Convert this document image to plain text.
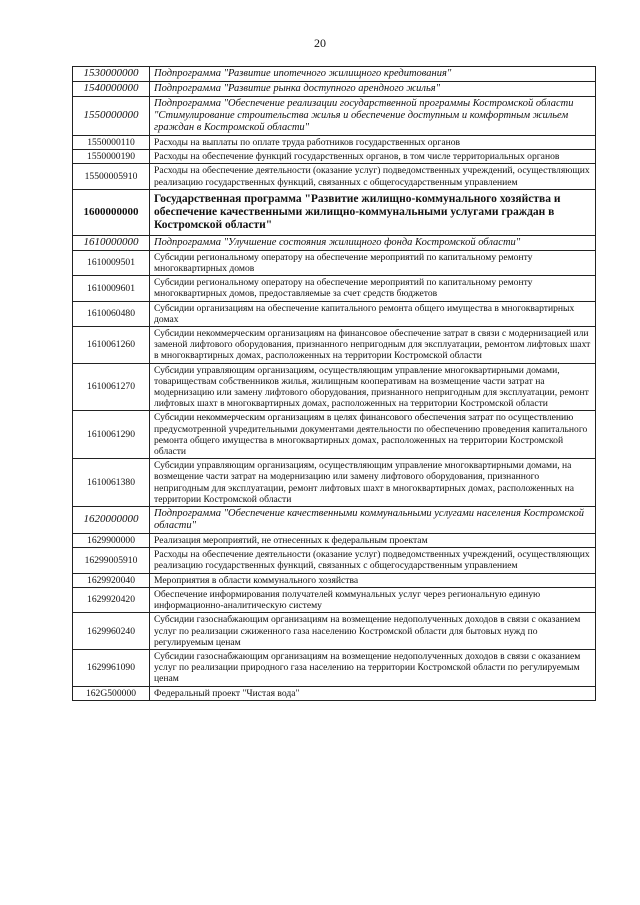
20
1530000000	Подпрограмма "Развитие ипотечного жилищного кредитования"
1540000000	Подпрограмма "Развитие рынка доступного арендного жилья"
1550000000	Подпрограмма "Обеспечение реализации государственной программы Костромской области "Стимулирование строительства жилья и обеспечение доступным и комфортным жильем граждан в Костромской области"
1550000110	Расходы на выплаты по оплате труда работников государственных органов
1550000190	Расходы на обеспечение функций государственных органов, в том числе территориальных органов
15500005910	Расходы на обеспечение деятельности (оказание услуг) подведомственных учреждений, осуществляющих реализацию государственных функций, связанных с общегосударственным управлением
1600000000	Государственная программа "Развитие жилищно-коммунального хозяйства и обеспечение качественными жилищно-коммунальными услугами граждан в Костромской области"
1610000000	Подпрограмма "Улучшение состояния жилищного фонда Костромской области"
1610009501	Субсидии региональному оператору на обеспечение мероприятий по капитальному ремонту многоквартирных домов
1610009601	Субсидии региональному оператору на обеспечение мероприятий по капитальному ремонту многоквартирных домов, предоставляемые за счет средств бюджетов
1610060480	Субсидии организациям на обеспечение капитального ремонта общего имущества в многоквартирных домах
1610061260	Субсидии некоммерческим организациям на финансовое обеспечение затрат в связи с модернизацией или заменой лифтового оборудования, признанного непригодным для эксплуатации, ремонтом лифтовых шахт в многоквартирных домах, расположенных на территории Костромской области
1610061270	Субсидии управляющим организациям, осуществляющим управление многоквартирными домами, товариществам собственников жилья, жилищным кооперативам на возмещение части затрат на модернизацию или замену лифтового оборудования, признанного непригодным для эксплуатации, ремонт лифтовых шахт в многоквартирных домах, расположенных на территории Костромской области
1610061290	Субсидии некоммерческим организациям в целях финансового обеспечения затрат по осуществлению предусмотренной учредительными документами деятельности по обеспечению проведения капитального ремонта общего имущества в многоквартирных домах, расположенных на территории Костромской области
1610061380	Субсидии управляющим организациям, осуществляющим управление многоквартирными домами, на возмещение части затрат на модернизацию или замену лифтового оборудования, признанного непригодным для эксплуатации, ремонт лифтовых шахт в многоквартирных домах, расположенных на территории Костромской области
1620000000	Подпрограмма "Обеспечение качественными коммунальными услугами населения Костромской области"
1629900000	Реализация мероприятий, не отнесенных к федеральным проектам
16299005910	Расходы на обеспечение деятельности (оказание услуг) подведомственных учреждений, осуществляющих реализацию государственных функций, связанных с общегосударственным управлением
1629920040	Мероприятия в области коммунального хозяйства
1629920420	Обеспечение информирования получателей коммунальных услуг через региональную единую информационно-аналитическую систему
1629960240	Субсидии газоснабжающим организациям на возмещение недополученных доходов в связи с оказанием услуг по реализации сжиженного газа населению Костромской области для бытовых нужд по регулируемым ценам
1629961090	Субсидии газоснабжающим организациям на возмещение недополученных доходов в связи с оказанием услуг по реализации природного газа населению на территории Костромской области по регулируемым ценам
162G500000	Федеральный проект "Чистая вода"
